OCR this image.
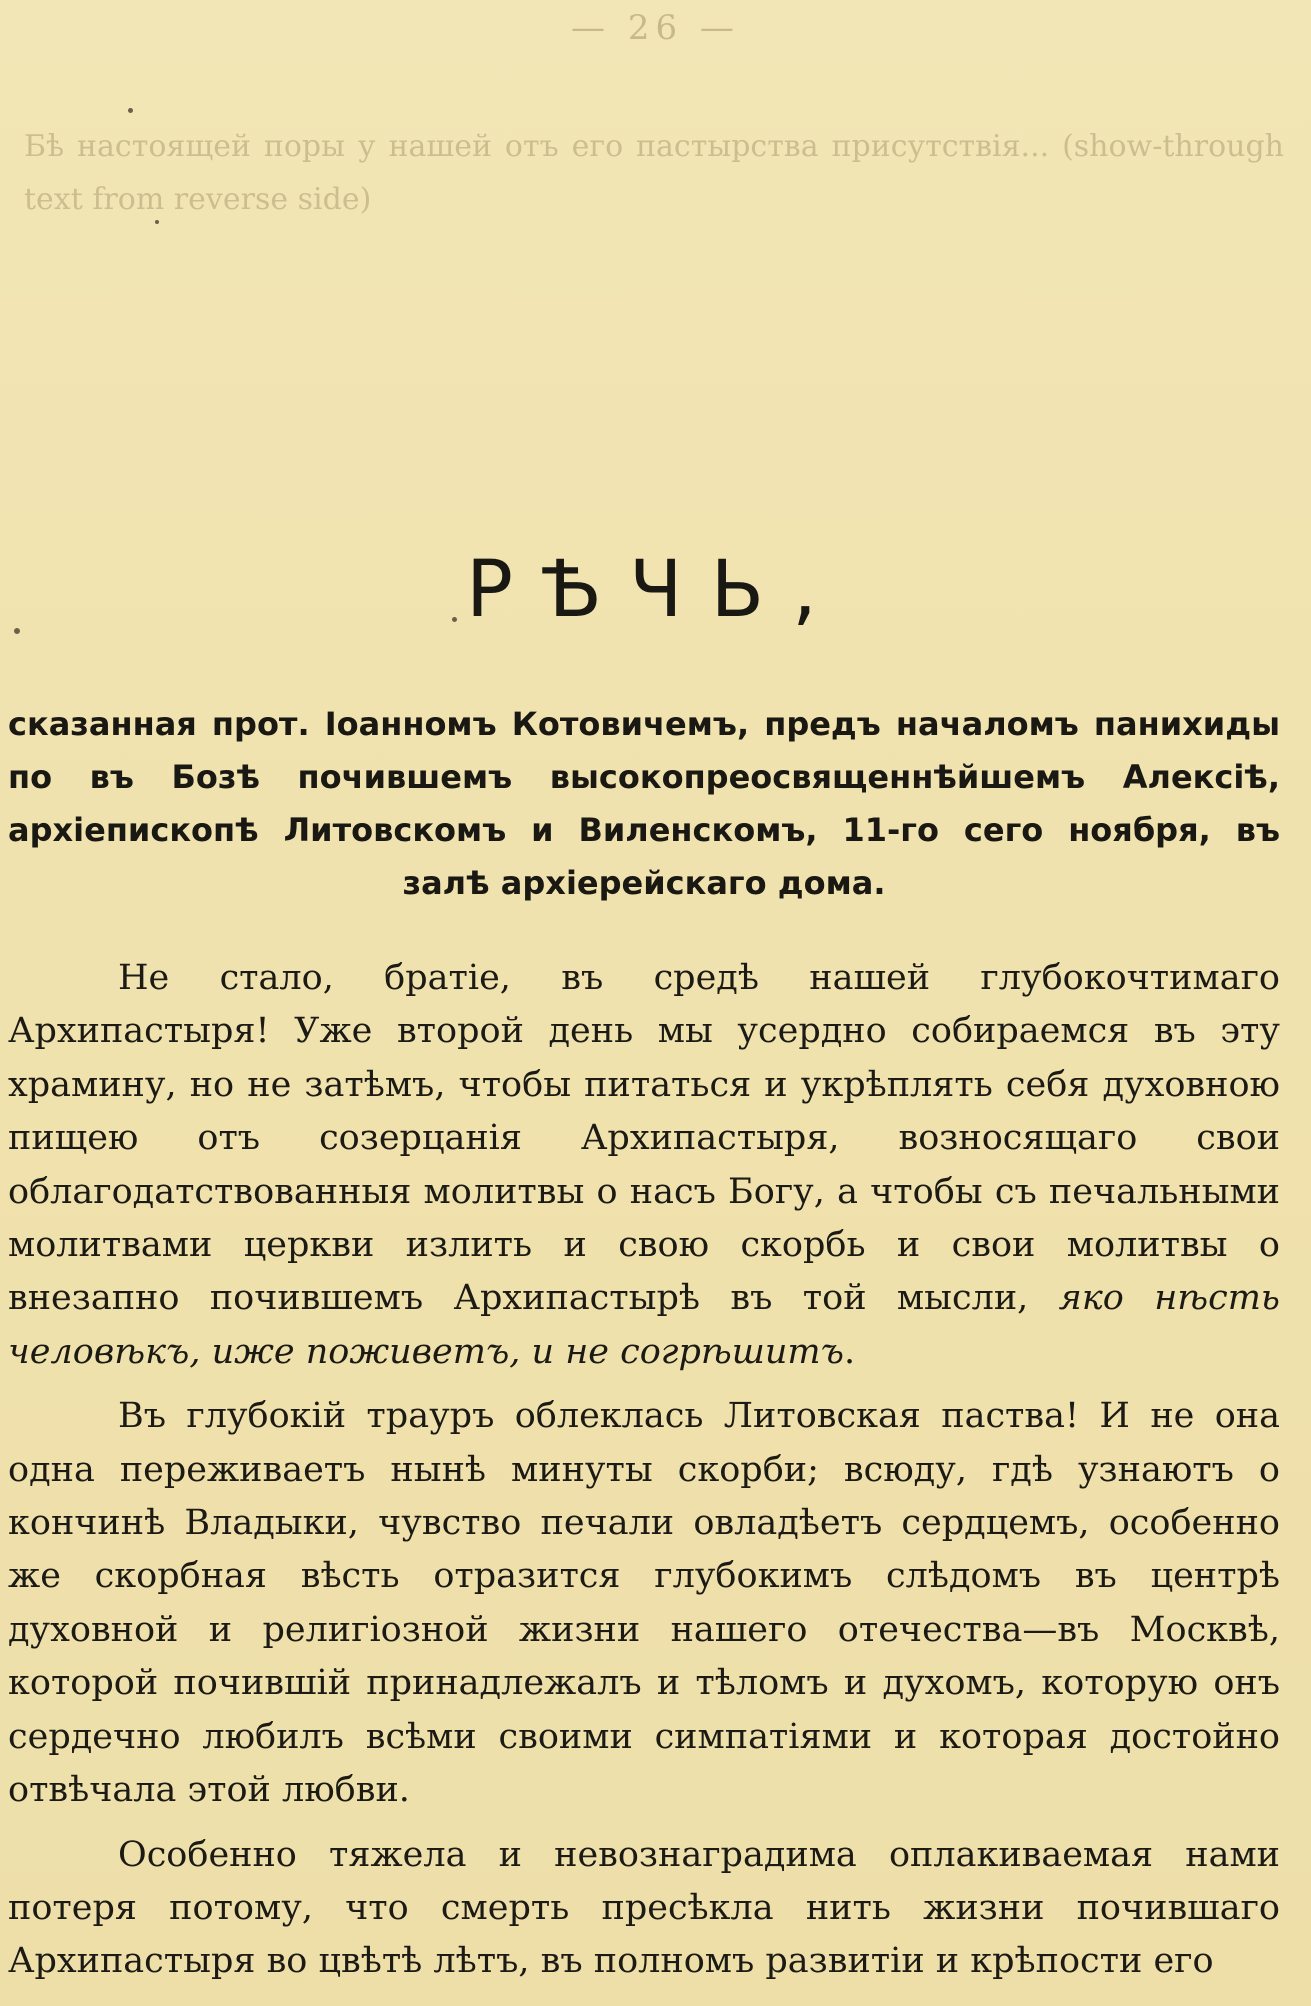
— 26 —
Бѣ настоящей поры у нашей отъ его пастырства присутствія... (show-through text from reverse side)
РѢЧЬ,
сказанная прот. Іоанномъ Котовичемъ, предъ началомъ панихиды по въ Бозѣ почившемъ высокопреосвященнѣйшемъ Алексіѣ, архіепископѣ Литовскомъ и Виленскомъ, 11-го сего ноября, въ залѣ архіерейскаго дома.

Не стало, братіе, въ средѣ нашей глубокочтимаго Архипастыря! Уже второй день мы усердно собираемся въ эту храмину, но не затѣмъ, чтобы питаться и укрѣплять себя духовною пищею отъ созерцанія Архипастыря, возносящаго свои облагодатствованныя молитвы о насъ Богу, а чтобы съ печальными молитвами церкви излить и свою скорбь и свои молитвы о внезапно почившемъ Архипастырѣ въ той мысли, яко нѣсть человѣкъ, иже поживетъ, и не согрѣшитъ.

Въ глубокій трауръ облеклась Литовская паства! И не она одна переживаетъ нынѣ минуты скорби; всюду, гдѣ узнаютъ о кончинѣ Владыки, чувство печали овладѣетъ сердцемъ, особенно же скорбная вѣсть отразится глубокимъ слѣдомъ въ центрѣ духовной и религіозной жизни нашего отечества—въ Москвѣ, которой почившій принадлежалъ и тѣломъ и духомъ, которую онъ сердечно любилъ всѣми своими симпатіями и которая достойно отвѣчала этой любви.

Особенно тяжела и невознаградима оплакиваемая нами потеря потому, что смерть пресѣкла нить жизни почившаго Архипастыря во цвѣтѣ лѣтъ, въ полномъ развитіи и крѣпости его
